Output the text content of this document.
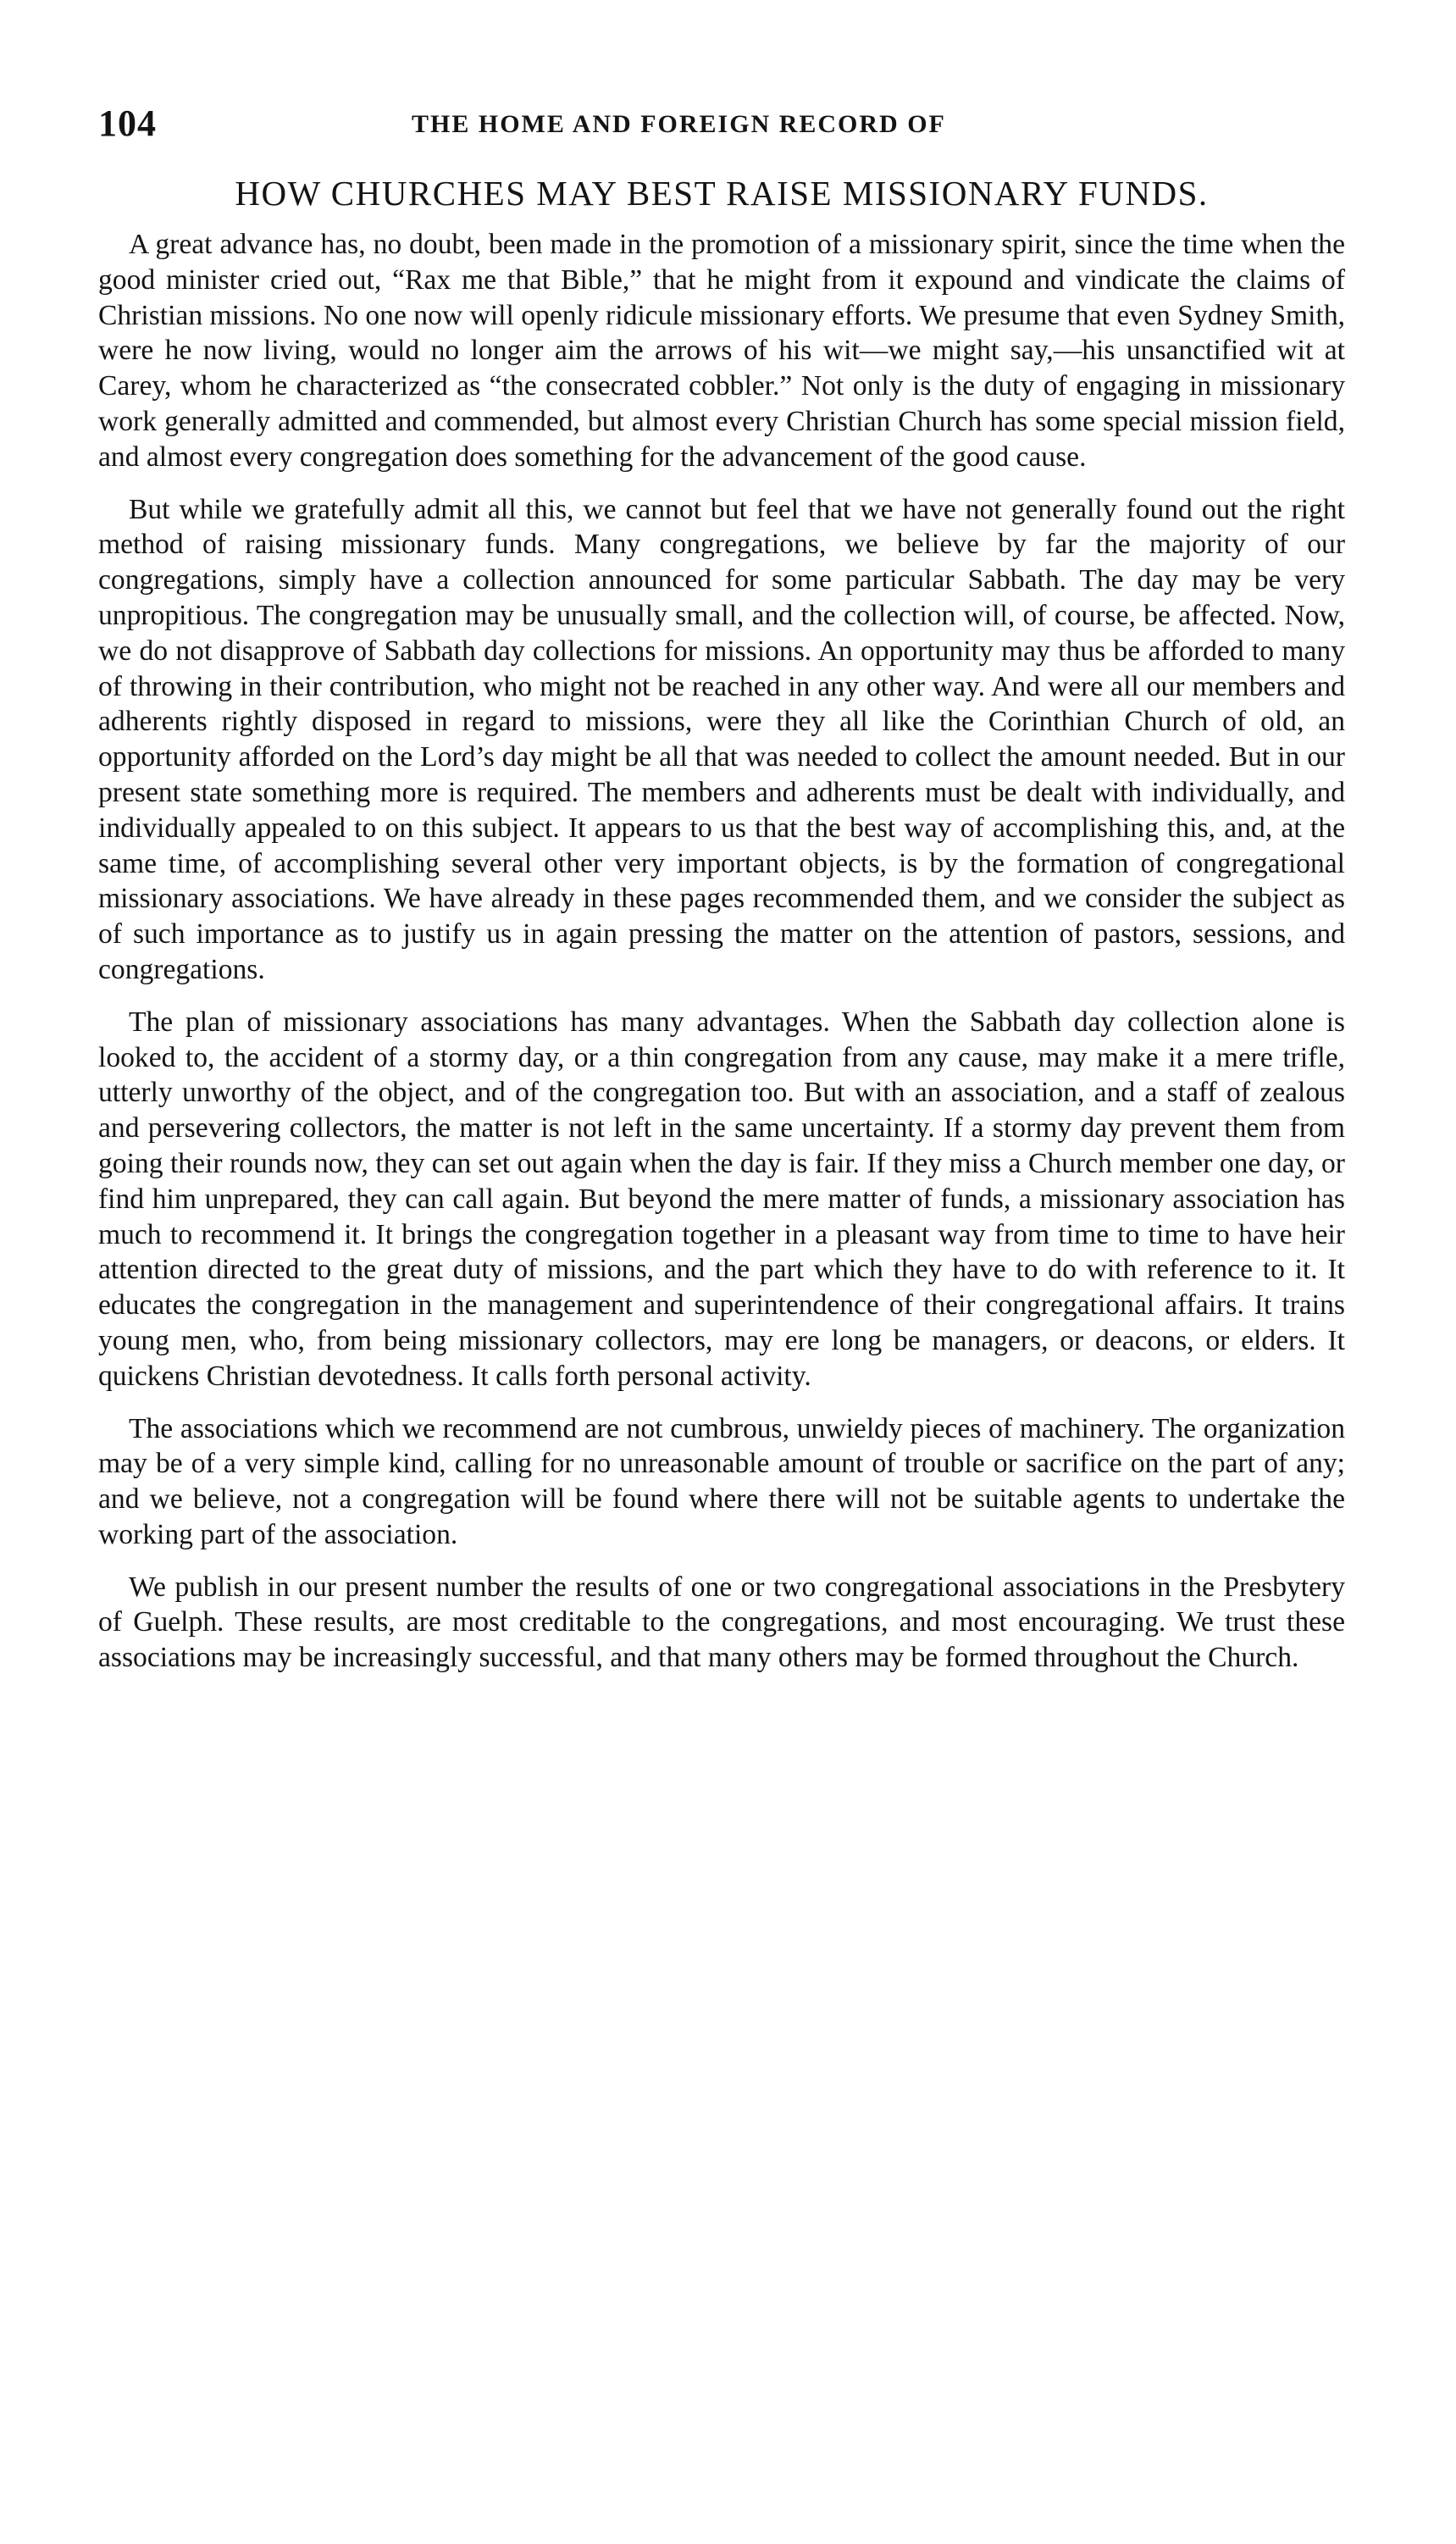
104	THE HOME AND FOREIGN RECORD OF
HOW CHURCHES MAY BEST RAISE MISSIONARY FUNDS.

A great advance has, no doubt, been made in the promotion of a missionary spirit, since the time when the good minister cried out, “Rax me that Bible,” that he might from it expound and vindicate the claims of Christian missions. No one now will openly ridicule missionary efforts. We presume that even Sydney Smith, were he now living, would no longer aim the arrows of his wit—we might say,—his unsanctified wit at Carey, whom he characterized as “the consecrated cobbler.” Not only is the duty of engaging in missionary work generally admitted and commended, but almost every Christian Church has some special mission field, and almost every congregation does something for the advancement of the good cause.

But while we gratefully admit all this, we cannot but feel that we have not generally found out the right method of raising missionary funds. Many congregations, we believe by far the majority of our congregations, simply have a collection announced for some particular Sabbath. The day may be very unpropitious. The congregation may be unusually small, and the collection will, of course, be affected. Now, we do not disapprove of Sabbath day collections for missions. An opportunity may thus be afforded to many of throwing in their contribution, who might not be reached in any other way. And were all our members and adherents rightly disposed in regard to missions, were they all like the Corinthian Church of old, an opportunity afforded on the Lord’s day might be all that was needed to collect the amount needed. But in our present state something more is required. The members and adherents must be dealt with individually, and individually appealed to on this subject. It appears to us that the best way of accomplishing this, and, at the same time, of accomplishing several other very important objects, is by the formation of congregational missionary associations. We have already in these pages recommended them, and we consider the subject as of such importance as to justify us in again pressing the matter on the attention of pastors, sessions, and congregations.

The plan of missionary associations has many advantages. When the Sabbath day collection alone is looked to, the accident of a stormy day, or a thin congregation from any cause, may make it a mere trifle, utterly unworthy of the object, and of the congregation too. But with an association, and a staff of zealous and persevering collectors, the matter is not left in the same uncertainty. If a stormy day prevent them from going their rounds now, they can set out again when the day is fair. If they miss a Church member one day, or find him unprepared, they can call again. But beyond the mere matter of funds, a missionary association has much to recommend it. It brings the congregation together in a pleasant way from time to time to have heir attention directed to the great duty of missions, and the part which they have to do with reference to it. It educates the congregation in the management and superintendence of their congregational affairs. It trains young men, who, from being missionary collectors, may ere long be managers, or deacons, or elders. It quickens Christian devotedness. It calls forth personal activity.

The associations which we recommend are not cumbrous, unwieldy pieces of machinery. The organization may be of a very simple kind, calling for no unreasonable amount of trouble or sacrifice on the part of any; and we believe, not a congregation will be found where there will not be suitable agents to undertake the working part of the association.

We publish in our present number the results of one or two congregational associations in the Presbytery of Guelph. These results, are most creditable to the congregations, and most encouraging. We trust these associations may be increasingly successful, and that many others may be formed throughout the Church.
